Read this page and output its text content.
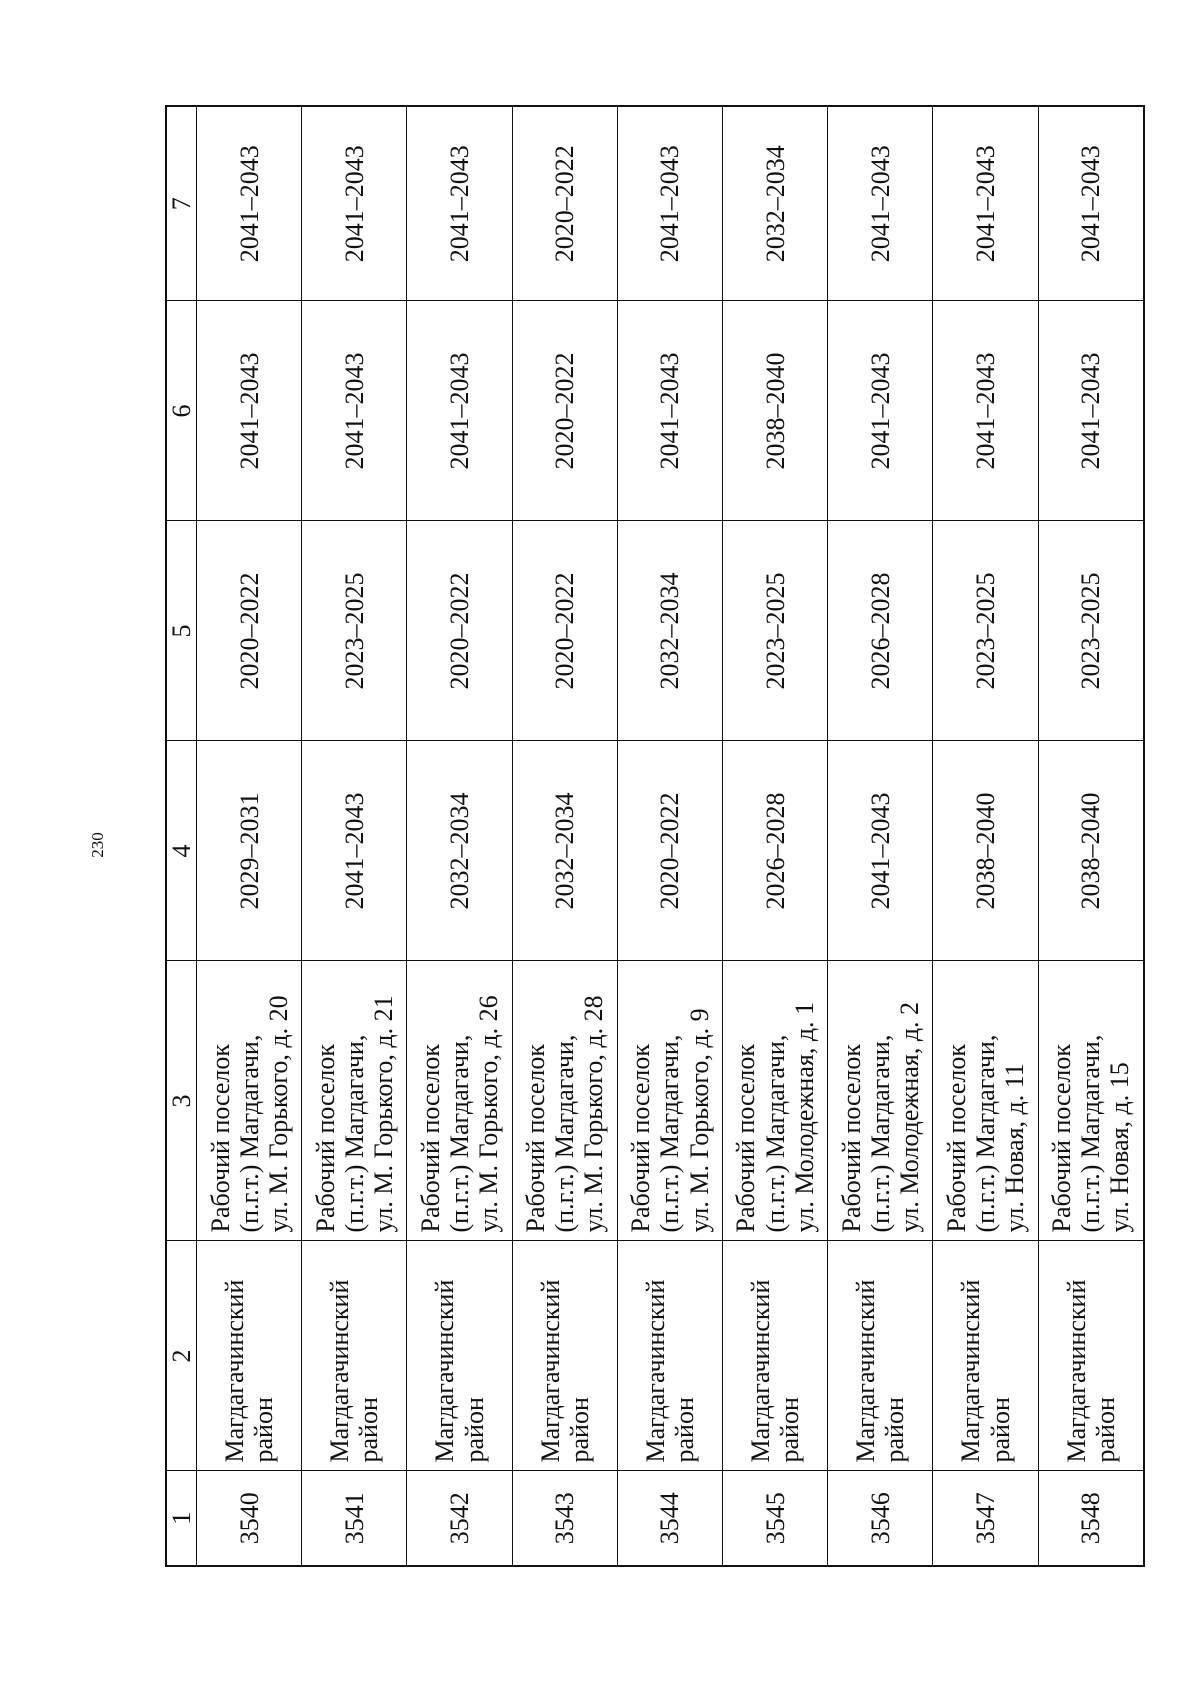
230
1	2	3	4	5	6	7
3540	Магдагачинский район	Рабочий поселок (п.г.т.) Магдагачи, ул. М. Горького, д. 20	2029–2031	2020–2022	2041–2043	2041–2043
3541	Магдагачинский район	Рабочий поселок (п.г.т.) Магдагачи, ул. М. Горького, д. 21	2041–2043	2023–2025	2041–2043	2041–2043
3542	Магдагачинский район	Рабочий поселок (п.г.т.) Магдагачи, ул. М. Горького, д. 26	2032–2034	2020–2022	2041–2043	2041–2043
3543	Магдагачинский район	Рабочий поселок (п.г.т.) Магдагачи, ул. М. Горького, д. 28	2032–2034	2020–2022	2020–2022	2020–2022
3544	Магдагачинский район	Рабочий поселок (п.г.т.) Магдагачи, ул. М. Горького, д. 9	2020–2022	2032–2034	2041–2043	2041–2043
3545	Магдагачинский район	Рабочий поселок (п.г.т.) Магдагачи, ул. Молодежная, д. 1	2026–2028	2023–2025	2038–2040	2032–2034
3546	Магдагачинский район	Рабочий поселок (п.г.т.) Магдагачи, ул. Молодежная, д. 2	2041–2043	2026–2028	2041–2043	2041–2043
3547	Магдагачинский район	Рабочий поселок (п.г.т.) Магдагачи, ул. Новая, д. 11	2038–2040	2023–2025	2041–2043	2041–2043
3548	Магдагачинский район	Рабочий поселок (п.г.т.) Магдагачи, ул. Новая, д. 15	2038–2040	2023–2025	2041–2043	2041–2043
